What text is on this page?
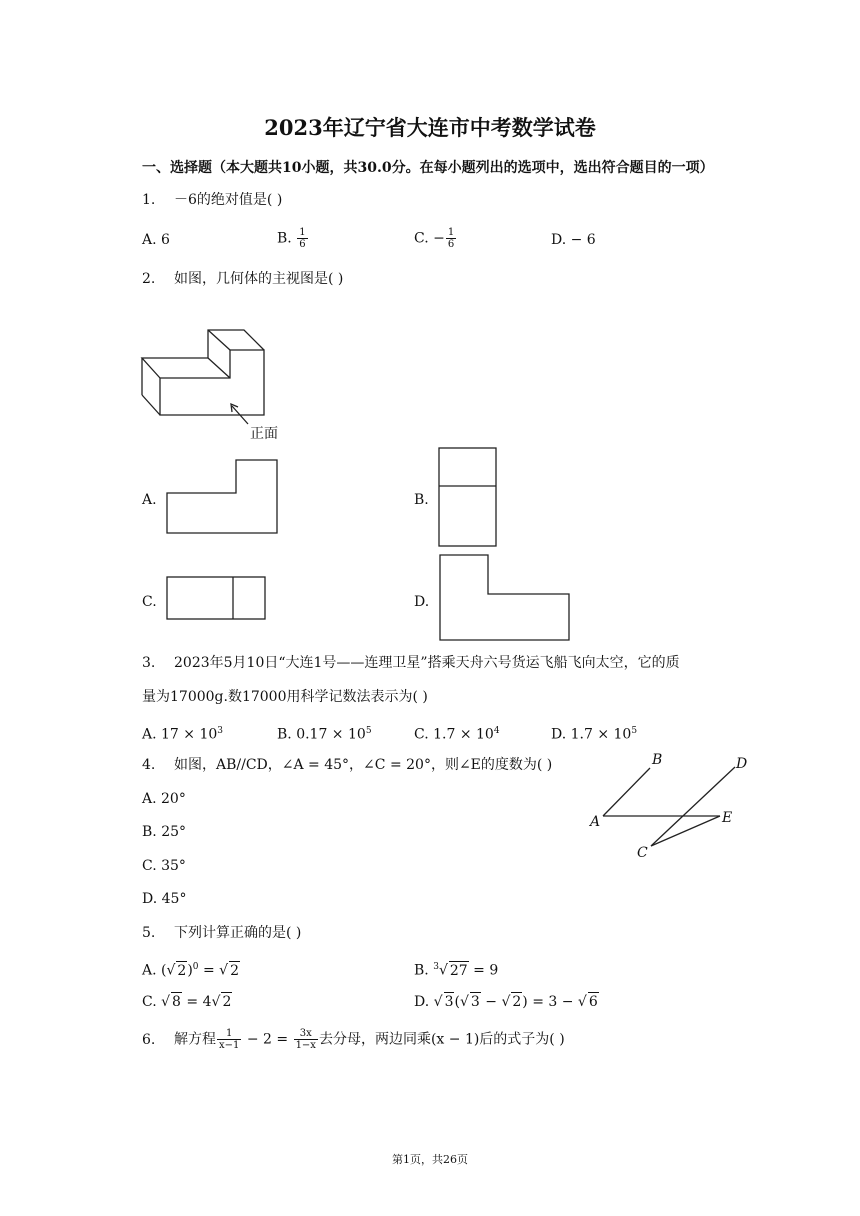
2023年辽宁省大连市中考数学试卷
一、选择题（本大题共10小题，共30.0分。在每小题列出的选项中，选出符合题目的一项）
1. －6的绝对值是( )
A. 6	B. $\frac{1}{6}$	C. − $\frac{1}{6}$	D. − 6
2. 如图，几何体的主视图是( )
正面
A.	B.
C.	D.
3. 2023年5月10日“大连1号——连理卫星”搭乘天舟六号货运飞船飞向太空，它的质
量为17000g.数17000用科学记数法表示为( )
A. $17 \times 10^3$	B. $0.17 \times 10^5$	C. $1.7 \times 10^4$	D. $1.7 \times 10^5$
4. 如图，AB//CD，∠A = 45°，∠C = 20°，则∠E的度数为( )
A. 20°
B. 25°
C. 35°
D. 45°
B	D
A	E
C
5. 下列计算正确的是( )
A. (√ 2)$^0$ = √ 2	B. $^3$√ 27 = 9
C. √ 8 = 4√ 2	D. √ 3(√ 3 − √ 2) = 3 − √ 6
6. 解方程 $\frac{1}{x-1} - 2 = \frac{3x}{1-x}$ 去分母，两边同乘(x − 1)后的式子为( )
第1页，共26页
